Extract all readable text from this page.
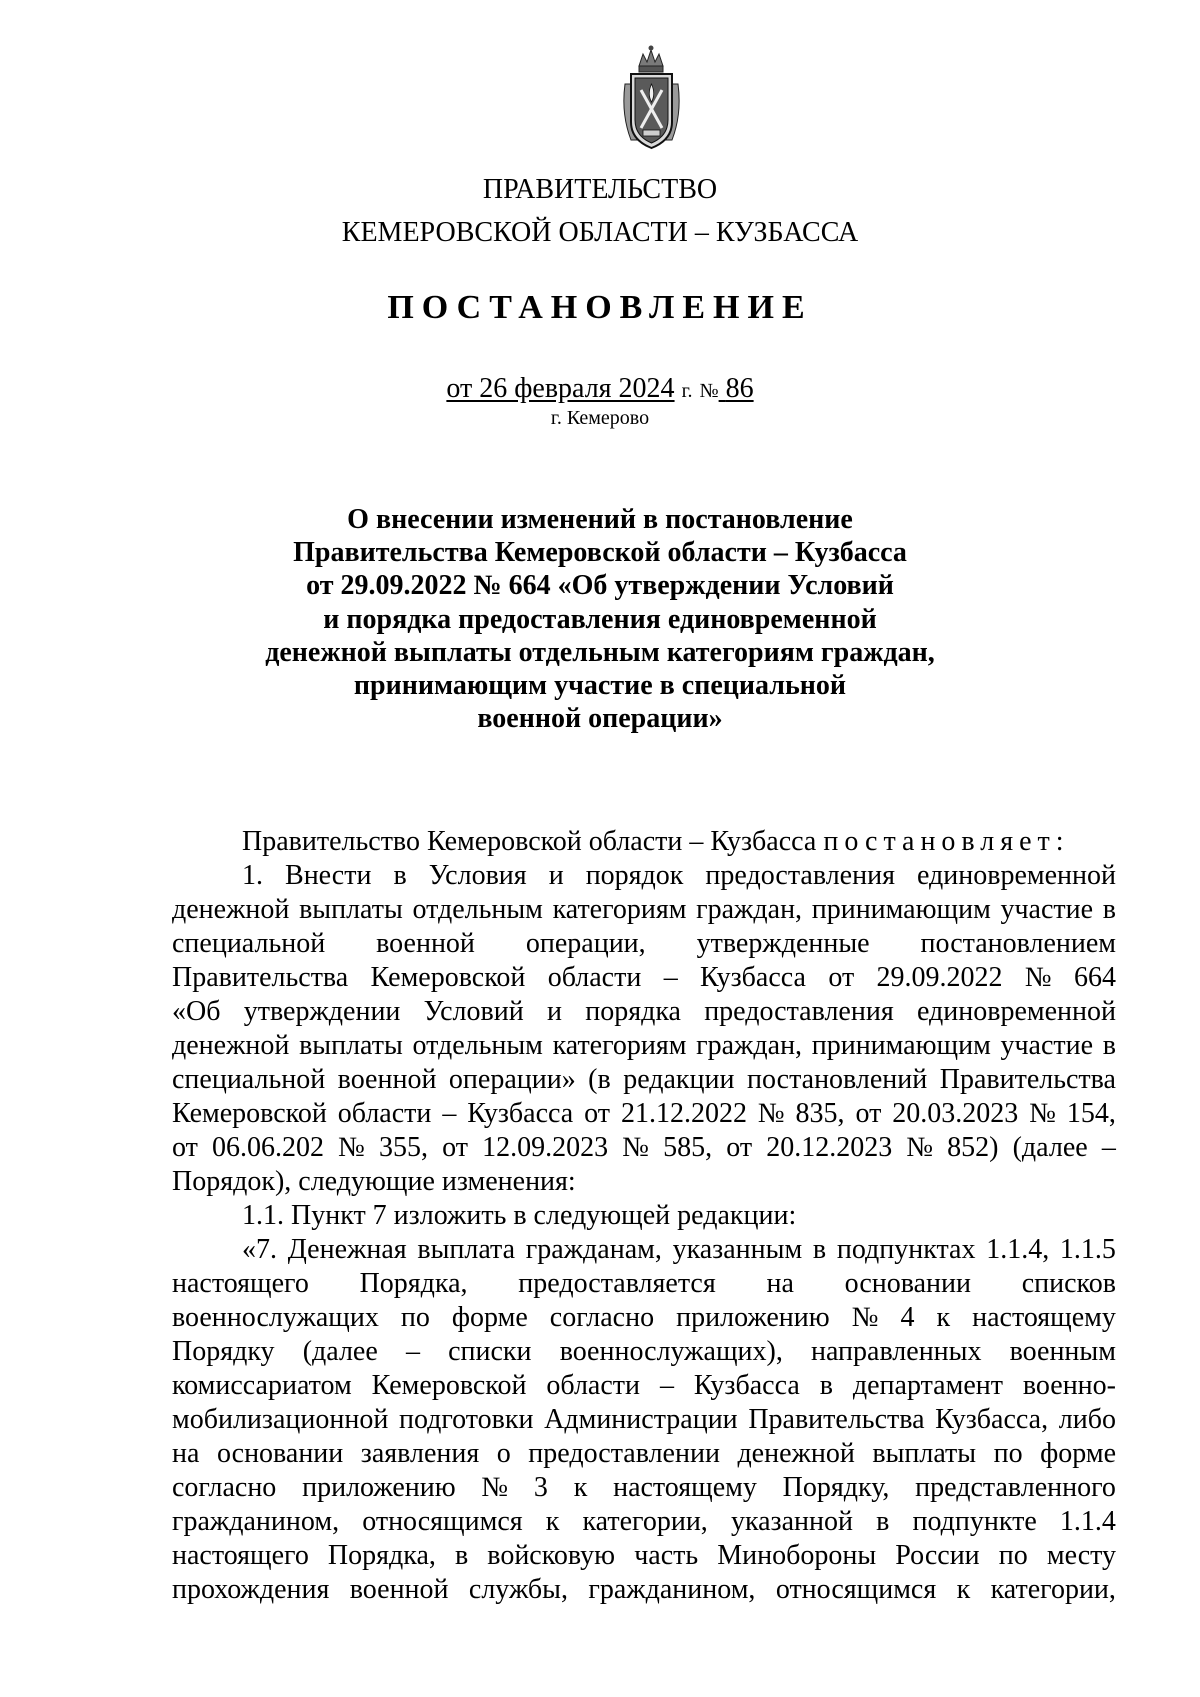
ПРАВИТЕЛЬСТВО
КЕМЕРОВСКОЙ ОБЛАСТИ – КУЗБАССА
ПОСТАНОВЛЕНИЕ
от 26 февраля 2024 г. № 86
г. Кемерово
О внесении изменений в постановление
Правительства Кемеровской области – Кузбасса
от 29.09.2022 № 664 «Об утверждении Условий
и порядка предоставления единовременной
денежной выплаты отдельным категориям граждан,
принимающим участие в специальной
военной операции»
Правительство Кемеровской области – Кузбасса постановляет:
1. Внести в Условия и порядок предоставления единовременной
денежной выплаты отдельным категориям граждан, принимающим участие в
специальной военной операции, утвержденные постановлением
Правительства Кемеровской области – Кузбасса от 29.09.2022 № 664
«Об утверждении Условий и порядка предоставления единовременной
денежной выплаты отдельным категориям граждан, принимающим участие в
специальной военной операции» (в редакции постановлений Правительства
Кемеровской области – Кузбасса от 21.12.2022 № 835, от 20.03.2023 № 154,
от 06.06.202 № 355, от 12.09.2023 № 585, от 20.12.2023 № 852) (далее –
Порядок), следующие изменения:
1.1. Пункт 7 изложить в следующей редакции:
«7. Денежная выплата гражданам, указанным в подпунктах 1.1.4, 1.1.5
настоящего Порядка, предоставляется на основании списков
военнослужащих по форме согласно приложению № 4 к настоящему
Порядку (далее – списки военнослужащих), направленных военным
комиссариатом Кемеровской области – Кузбасса в департамент военно-
мобилизационной подготовки Администрации Правительства Кузбасса, либо
на основании заявления о предоставлении денежной выплаты по форме
согласно приложению № 3 к настоящему Порядку, представленного
гражданином, относящимся к категории, указанной в подпункте 1.1.4
настоящего Порядка, в войсковую часть Минобороны России по месту
прохождения военной службы, гражданином, относящимся к категории,
